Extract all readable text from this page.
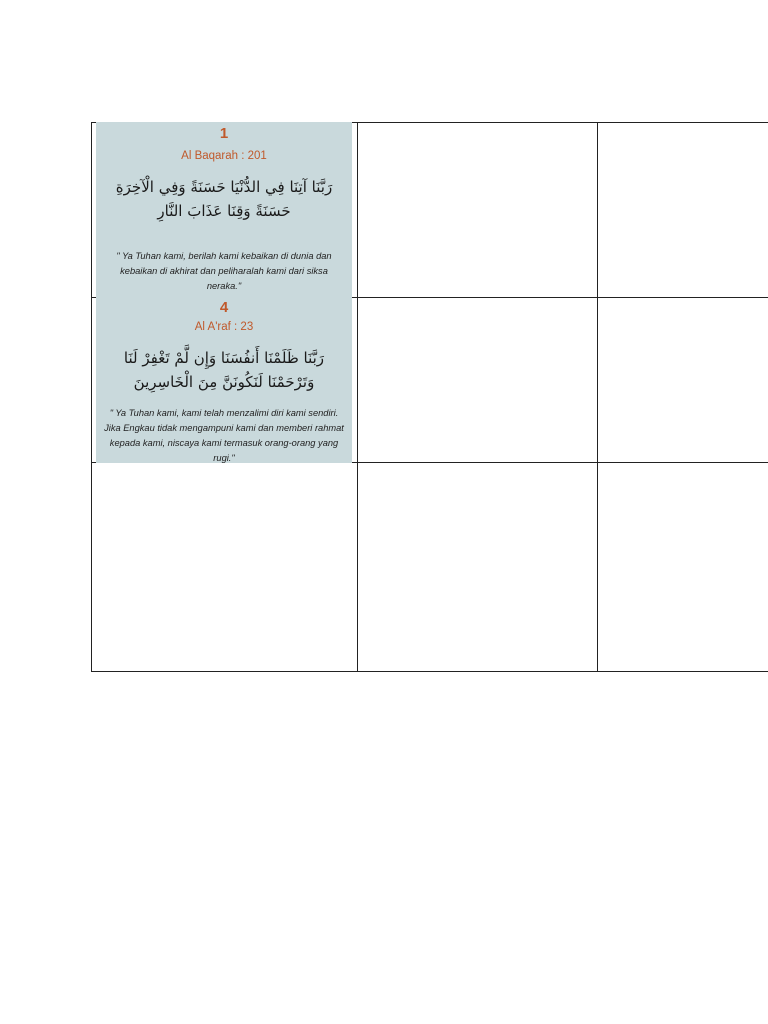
1
Al Baqarah : 201
رَبَّنَا آتِنَا فِي الدُّنْيَا حَسَنَةً وَفِي الْآخِرَةِ حَسَنَةً وَقِنَا عَذَابَ النَّارِ
" Ya Tuhan kami, berilah kami kebaikan di dunia dan kebaikan di akhirat dan peliharalah kami dari siksa neraka."
4
Al A'raf : 23
رَبَّنَا ظَلَمْنَا أَنفُسَنَا وَإِن لَّمْ تَغْفِرْ لَنَا وَتَرْحَمْنَا لَنَكُونَنَّ مِنَ الْخَاسِرِينَ
" Ya Tuhan kami, kami telah menzalimi diri kami sendiri. Jika Engkau tidak mengampuni kami dan memberi rahmat kepada kami, niscaya kami termasuk orang-orang yang rugi."
